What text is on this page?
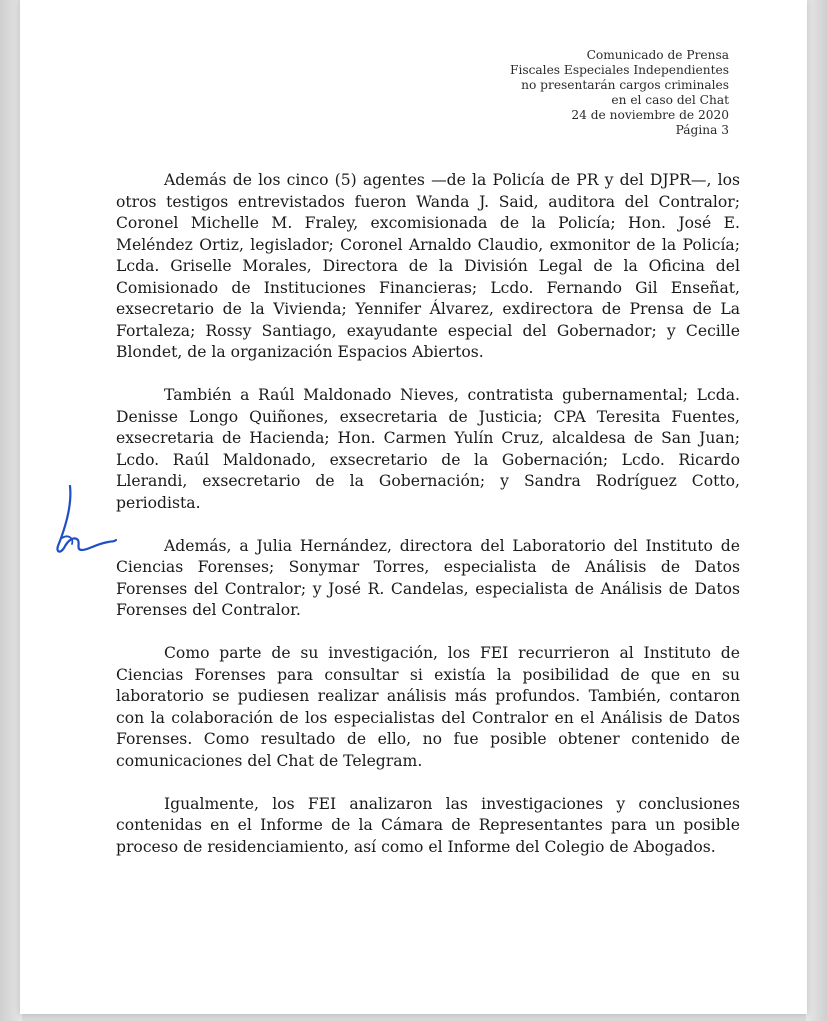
Comunicado de Prensa
Fiscales Especiales Independientes
no presentarán cargos criminales
en el caso del Chat
24 de noviembre de 2020
Página 3

Además de los cinco (5) agentes —de la Policía de PR y del DJPR—, los otros testigos entrevistados fueron Wanda J. Said, auditora del Contralor; Coronel Michelle M. Fraley, excomisionada de la Policía; Hon. José E. Meléndez Ortiz, legislador; Coronel Arnaldo Claudio, exmonitor de la Policía; Lcda. Griselle Morales, Directora de la División Legal de la Oficina del Comisionado de Instituciones Financieras; Lcdo. Fernando Gil Enseñat, exsecretario de la Vivienda; Yennifer Álvarez, exdirectora de Prensa de La Fortaleza; Rossy Santiago, exayudante especial del Gobernador; y Cecille Blondet, de la organización Espacios Abiertos.

También a Raúl Maldonado Nieves, contratista gubernamental; Lcda. Denisse Longo Quiñones, exsecretaria de Justicia; CPA Teresita Fuentes, exsecretaria de Hacienda; Hon. Carmen Yulín Cruz, alcaldesa de San Juan; Lcdo. Raúl Maldonado, exsecretario de la Gobernación; Lcdo. Ricardo Llerandi, exsecretario de la Gobernación; y Sandra Rodríguez Cotto, periodista.

Además, a Julia Hernández, directora del Laboratorio del Instituto de Ciencias Forenses; Sonymar Torres, especialista de Análisis de Datos Forenses del Contralor; y José R. Candelas, especialista de Análisis de Datos Forenses del Contralor.

Como parte de su investigación, los FEI recurrieron al Instituto de Ciencias Forenses para consultar si existía la posibilidad de que en su laboratorio se pudiesen realizar análisis más profundos. También, contaron con la colaboración de los especialistas del Contralor en el Análisis de Datos Forenses. Como resultado de ello, no fue posible obtener contenido de comunicaciones del Chat de Telegram.

Igualmente, los FEI analizaron las investigaciones y conclusiones contenidas en el Informe de la Cámara de Representantes para un posible proceso de residenciamiento, así como el Informe del Colegio de Abogados.
